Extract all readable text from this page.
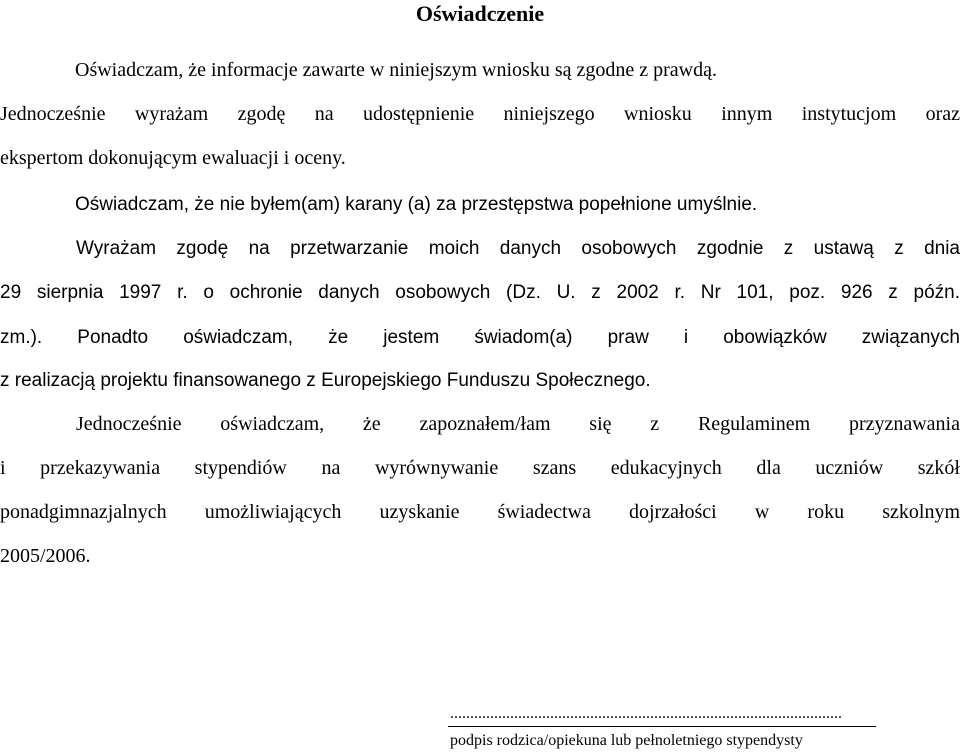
Oświadczenie
Oświadczam, że informacje zawarte w niniejszym wniosku są zgodne z prawdą.
Jednocześnie wyrażam zgodę na udostępnienie niniejszego wniosku innym instytucjom oraz
ekspertom dokonującym ewaluacji i oceny.
Oświadczam, że nie byłem(am) karany (a) za przestępstwa popełnione umyślnie.
Wyrażam zgodę na przetwarzanie moich danych osobowych zgodnie z ustawą z dnia
29 sierpnia 1997 r. o ochronie danych osobowych (Dz. U. z 2002 r. Nr 101, poz. 926 z późn.
zm.). Ponadto oświadczam, że jestem świadom(a) praw i obowiązków związanych
z realizacją projektu finansowanego z Europejskiego Funduszu Społecznego.
Jednocześnie oświadczam, że zapoznałem/łam się z Regulaminem przyznawania
i przekazywania stypendiów na wyrównywanie szans edukacyjnych dla uczniów szkół
ponadgimnazjalnych umożliwiających uzyskanie świadectwa dojrzałości w roku szkolnym
2005/2006.
..................................................................................................
podpis rodzica/opiekuna lub pełnoletniego stypendysty
